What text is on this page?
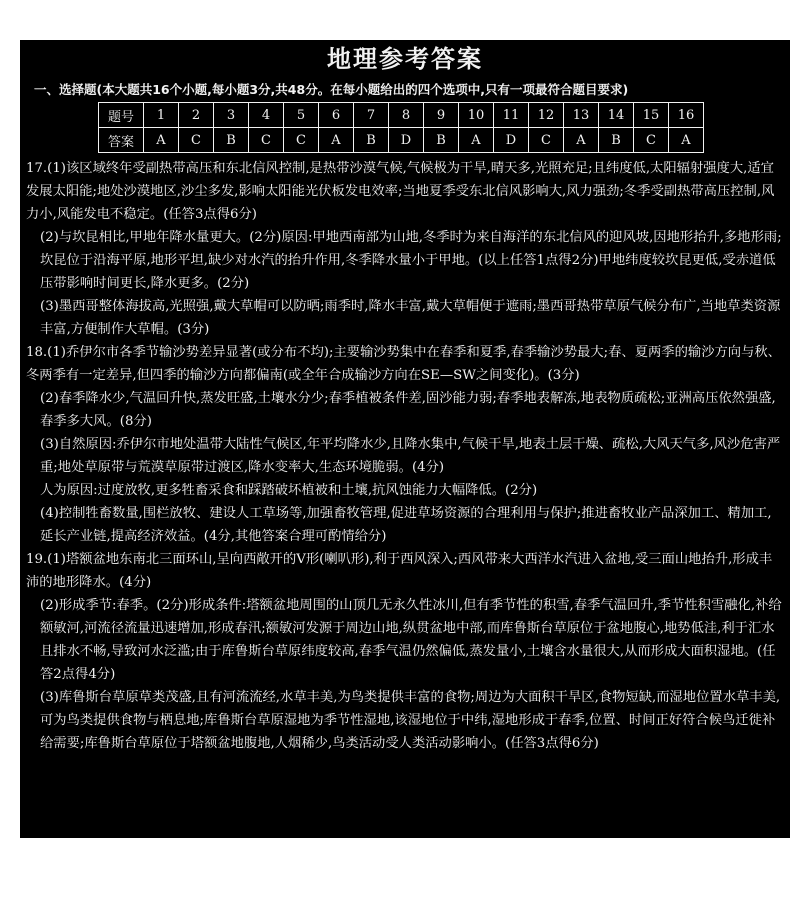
地理参考答案
一、选择题(本大题共16个小题,每小题3分,共48分。在每小题给出的四个选项中,只有一项最符合题目要求)
题号	1	2	3	4	5	6	7	8	9	10	11	12	13	14	15	16
答案	A	C	B	C	C	A	B	D	B	A	D	C	A	B	C	A

17.(1)该区域终年受副热带高压和东北信风控制,是热带沙漠气候,气候极为干旱,晴天多,光照充足;且纬度低,太阳辐射强度大,适宜发展太阳能;地处沙漠地区,沙尘多发,影响太阳能光伏板发电效率;当地夏季受东北信风影响大,风力强劲;冬季受副热带高压控制,风力小,风能发电不稳定。(任答3点得6分)

(2)与坎昆相比,甲地年降水量更大。(2分)原因:甲地西南部为山地,冬季时为来自海洋的东北信风的迎风坡,因地形抬升,多地形雨;坎昆位于沿海平原,地形平坦,缺少对水汽的抬升作用,冬季降水量小于甲地。(以上任答1点得2分)甲地纬度较坎昆更低,受赤道低压带影响时间更长,降水更多。(2分)

(3)墨西哥整体海拔高,光照强,戴大草帽可以防晒;雨季时,降水丰富,戴大草帽便于遮雨;墨西哥热带草原气候分布广,当地草类资源丰富,方便制作大草帽。(3分)

18.(1)乔伊尔市各季节输沙势差异显著(或分布不均);主要输沙势集中在春季和夏季,春季输沙势最大;春、夏两季的输沙方向与秋、冬两季有一定差异,但四季的输沙方向都偏南(或全年合成输沙方向在SE—SW之间变化)。(3分)

(2)春季降水少,气温回升快,蒸发旺盛,土壤水分少;春季植被条件差,固沙能力弱;春季地表解冻,地表物质疏松;亚洲高压依然强盛,春季多大风。(8分)

(3)自然原因:乔伊尔市地处温带大陆性气候区,年平均降水少,且降水集中,气候干旱,地表土层干燥、疏松,大风天气多,风沙危害严重;地处草原带与荒漠草原带过渡区,降水变率大,生态环境脆弱。(4分)

人为原因:过度放牧,更多牲畜采食和踩踏破坏植被和土壤,抗风蚀能力大幅降低。(2分)

(4)控制牲畜数量,围栏放牧、建设人工草场等,加强畜牧管理,促进草场资源的合理利用与保护;推进畜牧业产品深加工、精加工,延长产业链,提高经济效益。(4分,其他答案合理可酌情给分)

19.(1)塔额盆地东南北三面环山,呈向西敞开的V形(喇叭形),利于西风深入;西风带来大西洋水汽进入盆地,受三面山地抬升,形成丰沛的地形降水。(4分)

(2)形成季节:春季。(2分)形成条件:塔额盆地周围的山顶几无永久性冰川,但有季节性的积雪,春季气温回升,季节性积雪融化,补给额敏河,河流径流量迅速增加,形成春汛;额敏河发源于周边山地,纵贯盆地中部,而库鲁斯台草原位于盆地腹心,地势低洼,利于汇水且排水不畅,导致河水泛滥;由于库鲁斯台草原纬度较高,春季气温仍然偏低,蒸发量小,土壤含水量很大,从而形成大面积湿地。(任答2点得4分)

(3)库鲁斯台草原草类茂盛,且有河流流经,水草丰美,为鸟类提供丰富的食物;周边为大面积干旱区,食物短缺,而湿地位置水草丰美,可为鸟类提供食物与栖息地;库鲁斯台草原湿地为季节性湿地,该湿地位于中纬,湿地形成于春季,位置、时间正好符合候鸟迁徙补给需要;库鲁斯台草原位于塔额盆地腹地,人烟稀少,鸟类活动受人类活动影响小。(任答3点得6分)
